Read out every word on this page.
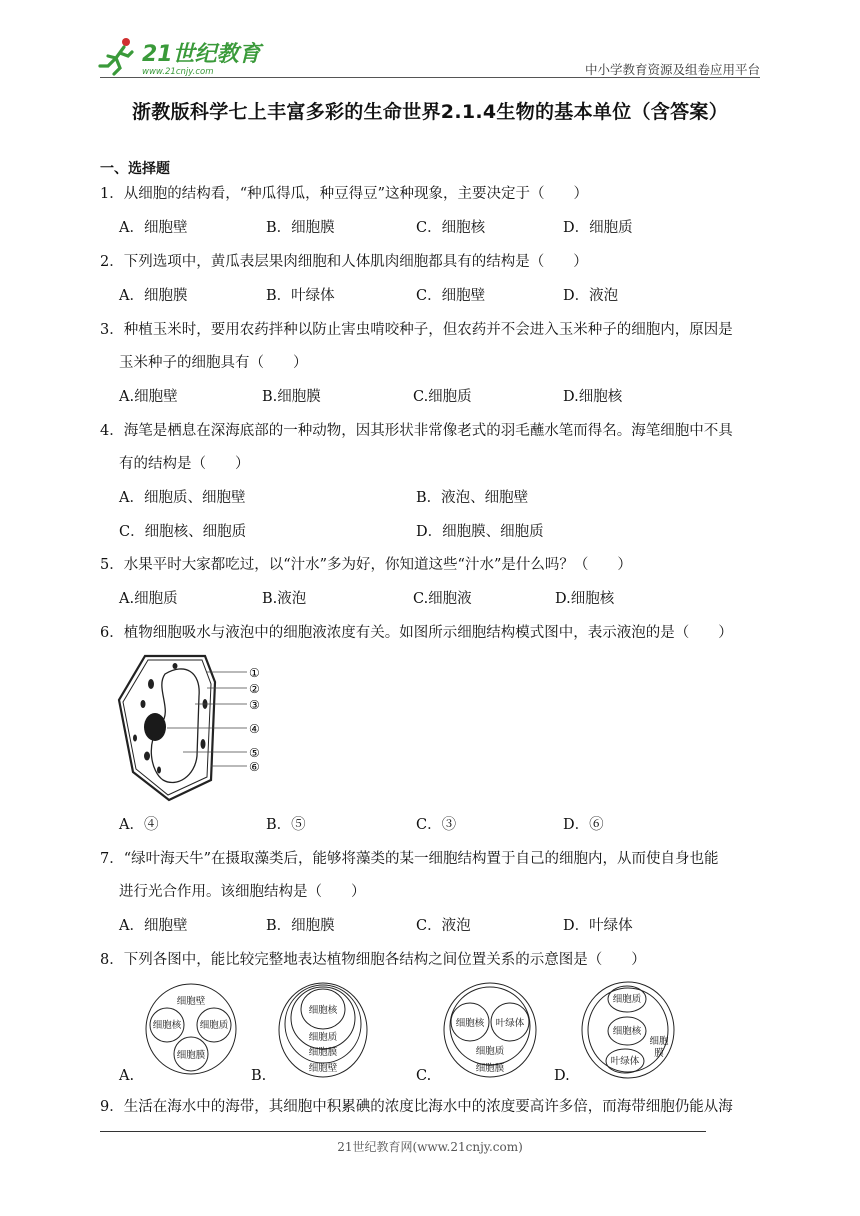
21世纪教育
www.21cnjy.com	中小学教育资源及组卷应用平台
浙教版科学七上丰富多彩的生命世界2.1.4生物的基本单位（含答案）
一、选择题
1．从细胞的结构看，“种瓜得瓜，种豆得豆”这种现象，主要决定于（　　）
A．细胞壁	B．细胞膜	C．细胞核	D．细胞质
2．下列选项中，黄瓜表层果肉细胞和人体肌肉细胞都具有的结构是（　　）
A．细胞膜	B．叶绿体	C．细胞壁	D．液泡
3．种植玉米时，要用农药拌种以防止害虫啃咬种子，但农药并不会进入玉米种子的细胞内，原因是
玉米种子的细胞具有（　　）
A.细胞壁	B.细胞膜	C.细胞质	D.细胞核
4．海笔是栖息在深海底部的一种动物，因其形状非常像老式的羽毛蘸水笔而得名。海笔细胞中不具
有的结构是（　　）
A．细胞质、细胞壁	B．液泡、细胞壁
C．细胞核、细胞质	D．细胞膜、细胞质
5．水果平时大家都吃过，以“汁水”多为好，你知道这些“汁水”是什么吗？（　　）
A.细胞质	B.液泡	C.细胞液	D.细胞核
6．植物细胞吸水与液泡中的细胞液浓度有关。如图所示细胞结构模式图中，表示液泡的是（　　）
①
②
③
④
⑤
⑥
A．④	B．⑤	C．③	D．⑥
7．“绿叶海天牛”在摄取藻类后，能够将藻类的某一细胞结构置于自己的细胞内，从而使自身也能
进行光合作用。该细胞结构是（　　）
A．细胞壁	B．细胞膜	C．液泡	D．叶绿体
8．下列各图中，能比较完整地表达植物细胞各结构之间位置关系的示意图是（　　）
细胞壁
细胞核 细胞质
细胞膜
细胞核
细胞质
细胞膜
细胞壁
细胞核 叶绿体
细胞质
细胞膜
细胞质
细胞核
叶绿体
细胞
膜
A.	B.	C.	D.
9．生活在海水中的海带，其细胞中积累碘的浓度比海水中的浓度要高许多倍，而海带细胞仍能从海
21世纪教育网(www.21cnjy.com)
